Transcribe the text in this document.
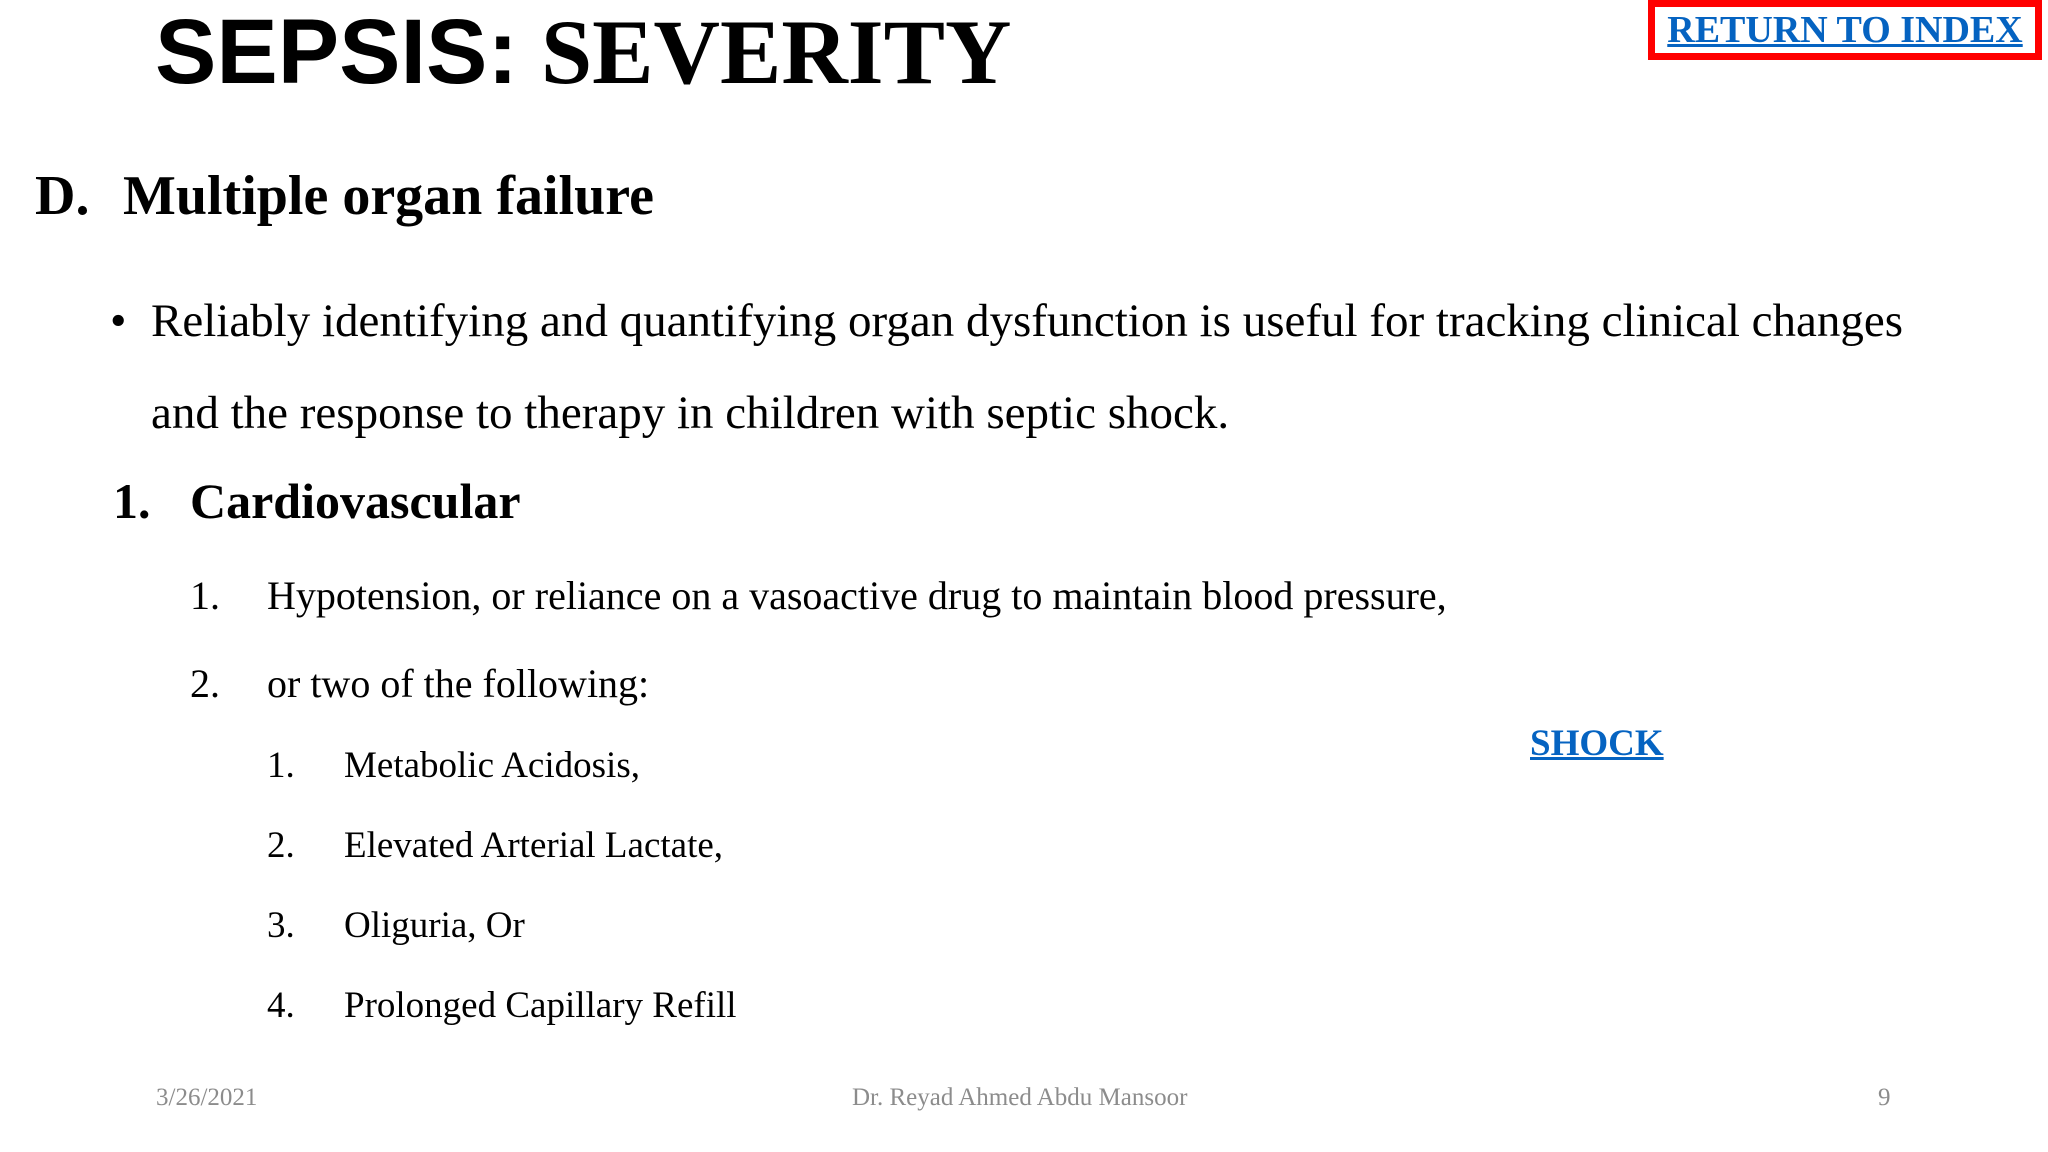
SEPSIS: SEVERITY	RETURN TO INDEX
D. Multiple organ failure
• Reliably identifying and quantifying organ dysfunction is useful for tracking clinical changes and the response to therapy in children with septic shock.
1. Cardiovascular
1. Hypotension, or reliance on a vasoactive drug to maintain blood pressure,
2. or two of the following:
1. Metabolic Acidosis,
2. Elevated Arterial Lactate,
3. Oliguria, Or
4. Prolonged Capillary Refill
SHOCK
3/26/2021	Dr. Reyad Ahmed Abdu Mansoor	9
